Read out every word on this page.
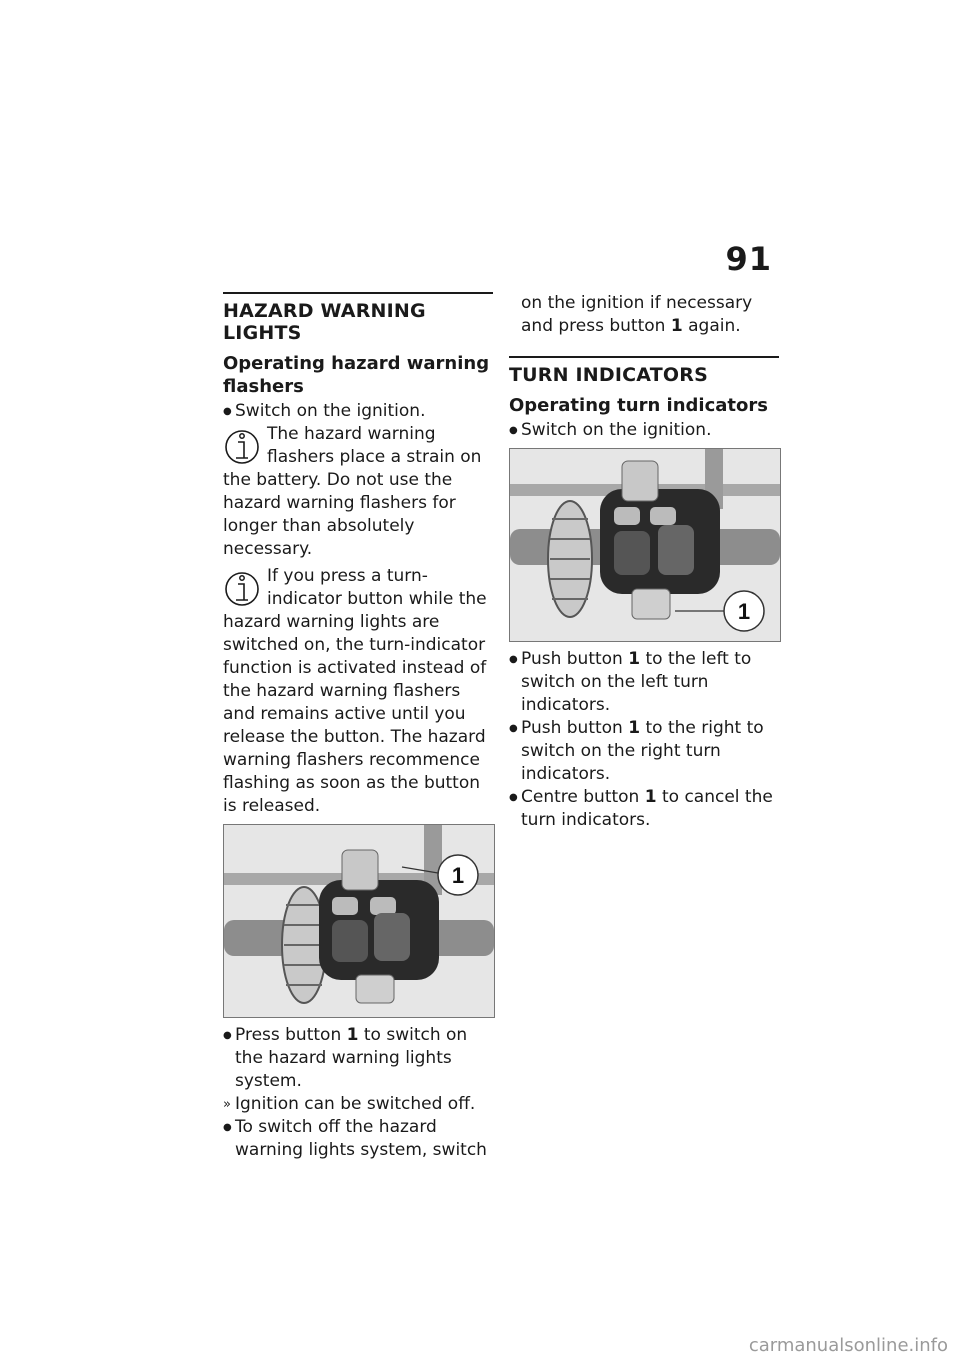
91
HAZARD WARNING LIGHTS
Operating hazard warning flashers

● Switch on the ignition.

The hazard warning flashers place a strain on the battery. Do not use the hazard warning flashers for longer than absolutely necessary.
If you press a turn-indicator button while the hazard warning lights are switched on, the turn-indicator function is activated instead of the hazard warning flashers and remains active until you release the button. The hazard warning flashers recommence flashing as soon as the button is released.
1

● Press button 1 to switch on the hazard warning lights system.

» Ignition can be switched off.

● To switch off the hazard warning lights system, switch

on the ignition if necessary and press button 1 again.

TURN INDICATORS
Operating turn indicators

● Switch on the ignition.

1

● Push button 1 to the left to switch on the left turn indicators.

● Push button 1 to the right to switch on the right turn indicators.

● Centre button 1 to cancel the turn indicators.

carmanualsonline.info
